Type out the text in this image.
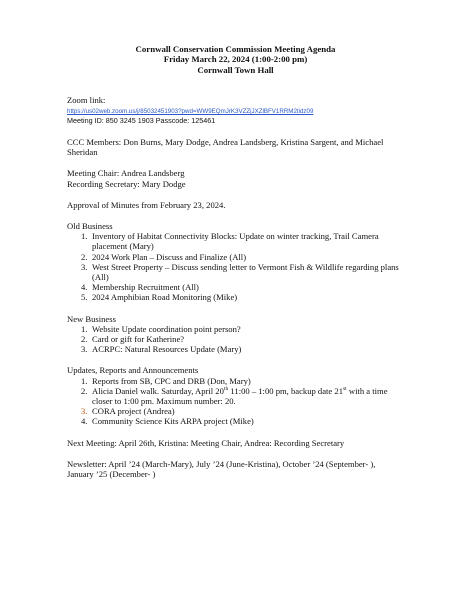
Cornwall Conservation Commission Meeting Agenda
Friday March 22, 2024 (1:00-2:00 pm)
Cornwall Town Hall
Zoom link:
https://us02web.zoom.us/j/85032451903?pwd=WW9EQmJrK3VZZjJXZlBFV1RRM2tidz09
Meeting ID: 850 3245 1903 Passcode: 125461
CCC Members: Don Burns, Mary Dodge, Andrea Landsberg, Kristina Sargent, and Michael Sheridan
Meeting Chair: Andrea Landsberg
Recording Secretary: Mary Dodge
Approval of Minutes from February 23, 2024.
Old Business
1. Inventory of Habitat Connectivity Blocks: Update on winter tracking, Trail Camera placement (Mary)
2. 2024 Work Plan – Discuss and Finalize (All)
3. West Street Property – Discuss sending letter to Vermont Fish & Wildlife regarding plans (All)
4. Membership Recruitment (All)
5. 2024 Amphibian Road Monitoring (Mike)
New Business
1. Website Update coordination point person?
2. Card or gift for Katherine?
3. ACRPC: Natural Resources Update (Mary)
Updates, Reports and Announcements
1. Reports from SB, CPC and DRB (Don, Mary)
2. Alicia Daniel walk. Saturday, April 20th 11:00 – 1:00 pm, backup date 21st with a time closer to 1:00 pm. Maximum number: 20.
3. CORA project (Andrea)
4. Community Science Kits ARPA project (Mike)
Next Meeting: April 26th, Kristina: Meeting Chair, Andrea: Recording Secretary
Newsletter: April ’24 (March-Mary), July ’24 (June-Kristina), October ’24 (September- ), January ’25 (December- )
